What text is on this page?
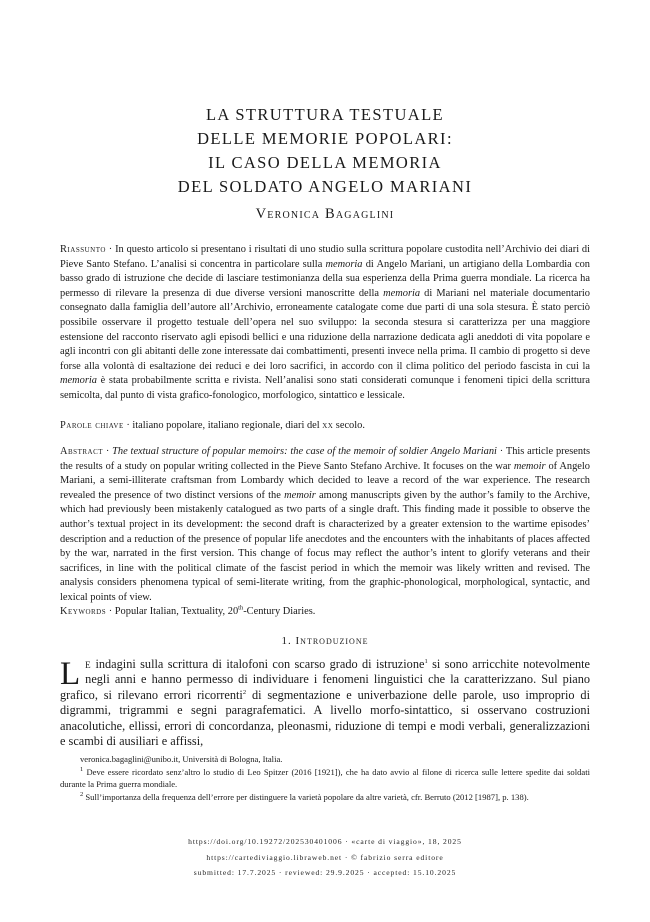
LA STRUTTURA TESTUALE
DELLE MEMORIE POPOLARI:
IL CASO DELLA MEMORIA
DEL SOLDATO ANGELO MARIANI
Veronica Bagaglini
Riassunto · In questo articolo si presentano i risultati di uno studio sulla scrittura popolare custodita nell’Archivio dei diari di Pieve Santo Stefano. L’analisi si concentra in particolare sulla memoria di Angelo Mariani, un artigiano della Lombardia con basso grado di istruzione che decide di lasciare testimonianza della sua esperienza della Prima guerra mondiale. La ricerca ha permesso di rilevare la presenza di due diverse versioni manoscritte della memoria di Mariani nel materiale documentario consegnato dalla famiglia dell’autore all’Archivio, erroneamente catalogate come due parti di una sola stesura. È stato perciò possibile osservare il progetto testuale dell’opera nel suo sviluppo: la seconda stesura si caratterizza per una maggiore estensione del racconto riservato agli episodi bellici e una riduzione della narrazione dedicata agli aneddoti di vita popolare e agli incontri con gli abitanti delle zone interessate dai combattimenti, presenti invece nella prima. Il cambio di progetto si deve forse alla volontà di esaltazione dei reduci e dei loro sacrifici, in accordo con il clima politico del periodo fascista in cui la memoria è stata probabilmente scritta e rivista. Nell’analisi sono stati considerati comunque i fenomeni tipici della scrittura semicolta, dal punto di vista grafico-fonologico, morfologico, sintattico e lessicale.
Parole chiave · italiano popolare, italiano regionale, diari del xx secolo.
Abstract · The textual structure of popular memoirs: the case of the memoir of soldier Angelo Mariani · This article presents the results of a study on popular writing collected in the Pieve Santo Stefano Archive. It focuses on the war memoir of Angelo Mariani, a semi-illiterate craftsman from Lombardy which decided to leave a record of the war experience. The research revealed the presence of two distinct versions of the memoir among manuscripts given by the author’s family to the Archive, which had previously been mistakenly catalogued as two parts of a single draft. This finding made it possible to observe the author’s textual project in its development: the second draft is characterized by a greater extension to the wartime episodes’ description and a reduction of the presence of popular life anecdotes and the encounters with the inhabitants of places affected by the war, narrated in the first version. This change of focus may reflect the author’s intent to glorify veterans and their sacrifices, in line with the political climate of the fascist period in which the memoir was likely written and revised. The analysis considers phenomena typical of semi-literate writing, from the graphic-phonological, morphological, syntactic, and lexical points of view.
Keywords · Popular Italian, Textuality, 20th-Century Diaries.
1. Introduzione
Le indagini sulla scrittura di italofoni con scarso grado di istruzione$^1$ si sono arricchite notevolmente negli anni e hanno permesso di individuare i fenomeni linguistici che la caratterizzano. Sul piano grafico, si rilevano errori ricorrenti$^2$ di segmentazione e univerbazione delle parole, uso improprio di digrammi, trigrammi e segni paragrafematici. A livello morfo-sintattico, si osservano costruzioni anacolutiche, ellissi, errori di concordanza, pleonasmi, riduzione di tempi e modi verbali, generalizzazioni e scambi di ausiliari e affissi,
veronica.bagaglini@unibo.it, Università di Bologna, Italia.
$^1$ Deve essere ricordato senz’altro lo studio di Leo Spitzer (2016 [1921]), che ha dato avvio al filone di ricerca sulle lettere spedite dai soldati durante la Prima guerra mondiale.
$^2$ Sull’importanza della frequenza dell’errore per distinguere la varietà popolare da altre varietà, cfr. Berruto (2012 [1987], p. 138).
https://doi.org/10.19272/202530401006 · «carte di viaggio», 18, 2025
https://cartediviaggio.libraweb.net · © fabrizio serra editore
submitted: 17.7.2025 · reviewed: 29.9.2025 · accepted: 15.10.2025
